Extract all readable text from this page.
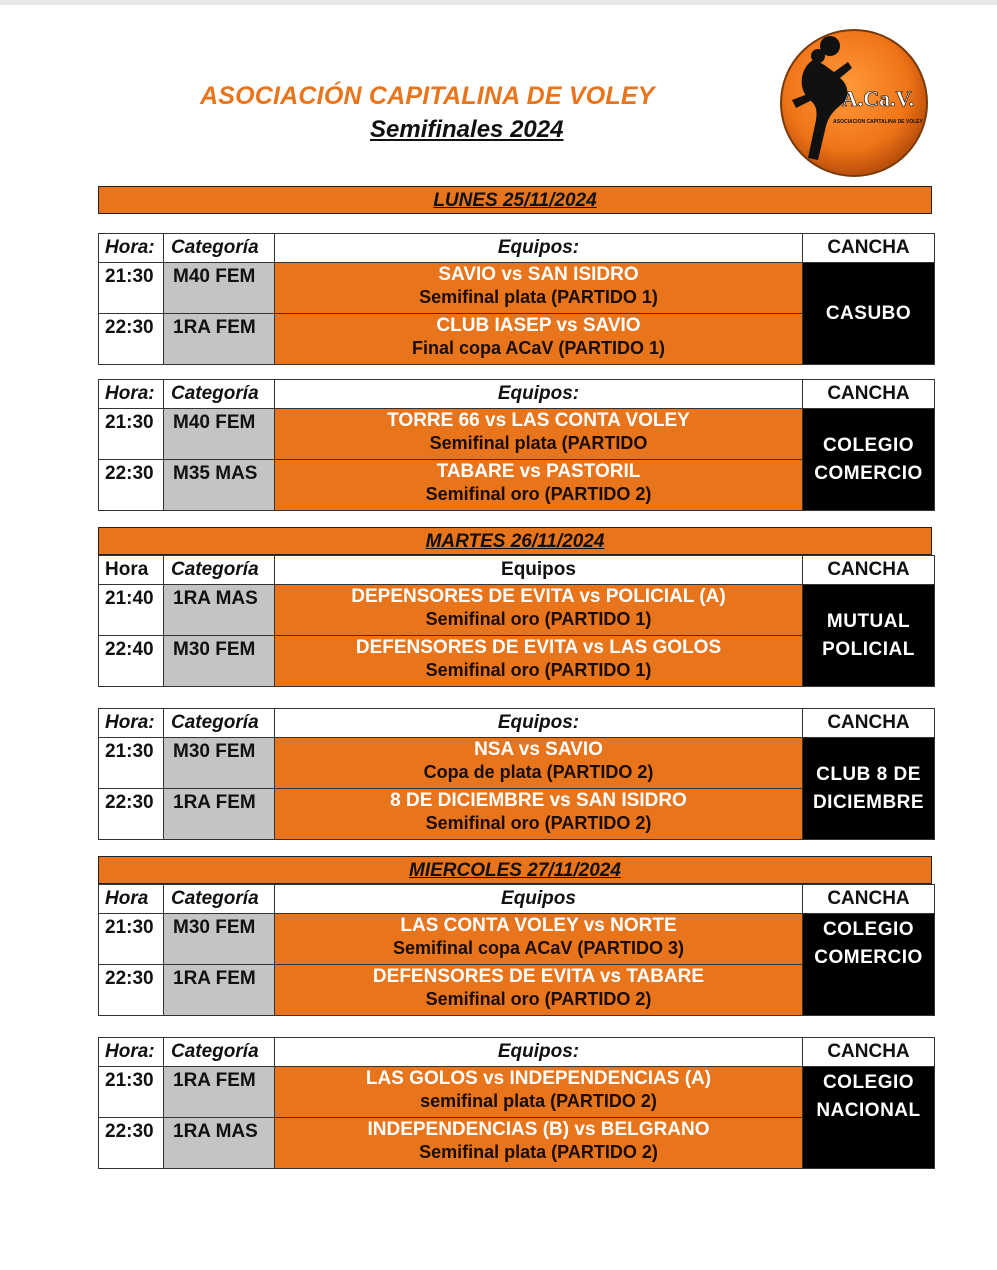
ASOCIACIÓN CAPITALINA DE VOLEY
Semifinales 2024
A.Ca.V.
ASOCIACION CAPITALINA DE VOLEY
LUNES 25/11/2024
Hora:	Categoría	Equipos:	CANCHA
21:30	M40 FEM	SAVIO vs SAN ISIDRO
Semifinal plata (PARTIDO 1)	CASUBO
22:30	1RA FEM	CLUB IASEP vs SAVIO
Final copa ACaV (PARTIDO 1)	
Hora:	Categoría	Equipos:	CANCHA
21:30	M40 FEM	TORRE 66 vs LAS CONTA VOLEY
Semifinal plata (PARTIDO	COLEGIO COMERCIO
22:30	M35 MAS	TABARE vs PASTORIL
Semifinal oro (PARTIDO 2)	
MARTES 26/11/2024
Hora	Categoría	Equipos	CANCHA
21:40	1RA MAS	DEPENSORES DE EVITA vs POLICIAL (A)
Semifinal oro (PARTIDO 1)	MUTUAL POLICIAL
22:40	M30 FEM	DEFENSORES DE EVITA vs LAS GOLOS
Semifinal oro (PARTIDO 1)	
Hora:	Categoría	Equipos:	CANCHA
21:30	M30 FEM	NSA vs SAVIO
Copa de plata (PARTIDO 2)	CLUB 8 DE DICIEMBRE
22:30	1RA FEM	8 DE DICIEMBRE vs SAN ISIDRO
Semifinal oro (PARTIDO 2)	
MIERCOLES 27/11/2024
Hora	Categoría	Equipos	CANCHA
21:30	M30 FEM	LAS CONTA VOLEY vs NORTE
Semifinal copa ACaV (PARTIDO 3)	COLEGIO COMERCIO
22:30	1RA FEM	DEFENSORES DE EVITA vs TABARE
Semifinal oro (PARTIDO 2)	
Hora:	Categoría	Equipos:	CANCHA
21:30	1RA FEM	LAS GOLOS vs INDEPENDENCIAS (A)
semifinal plata (PARTIDO 2)	COLEGIO NACIONAL
22:30	1RA MAS	INDEPENDENCIAS (B) vs BELGRANO
Semifinal plata (PARTIDO 2)	
